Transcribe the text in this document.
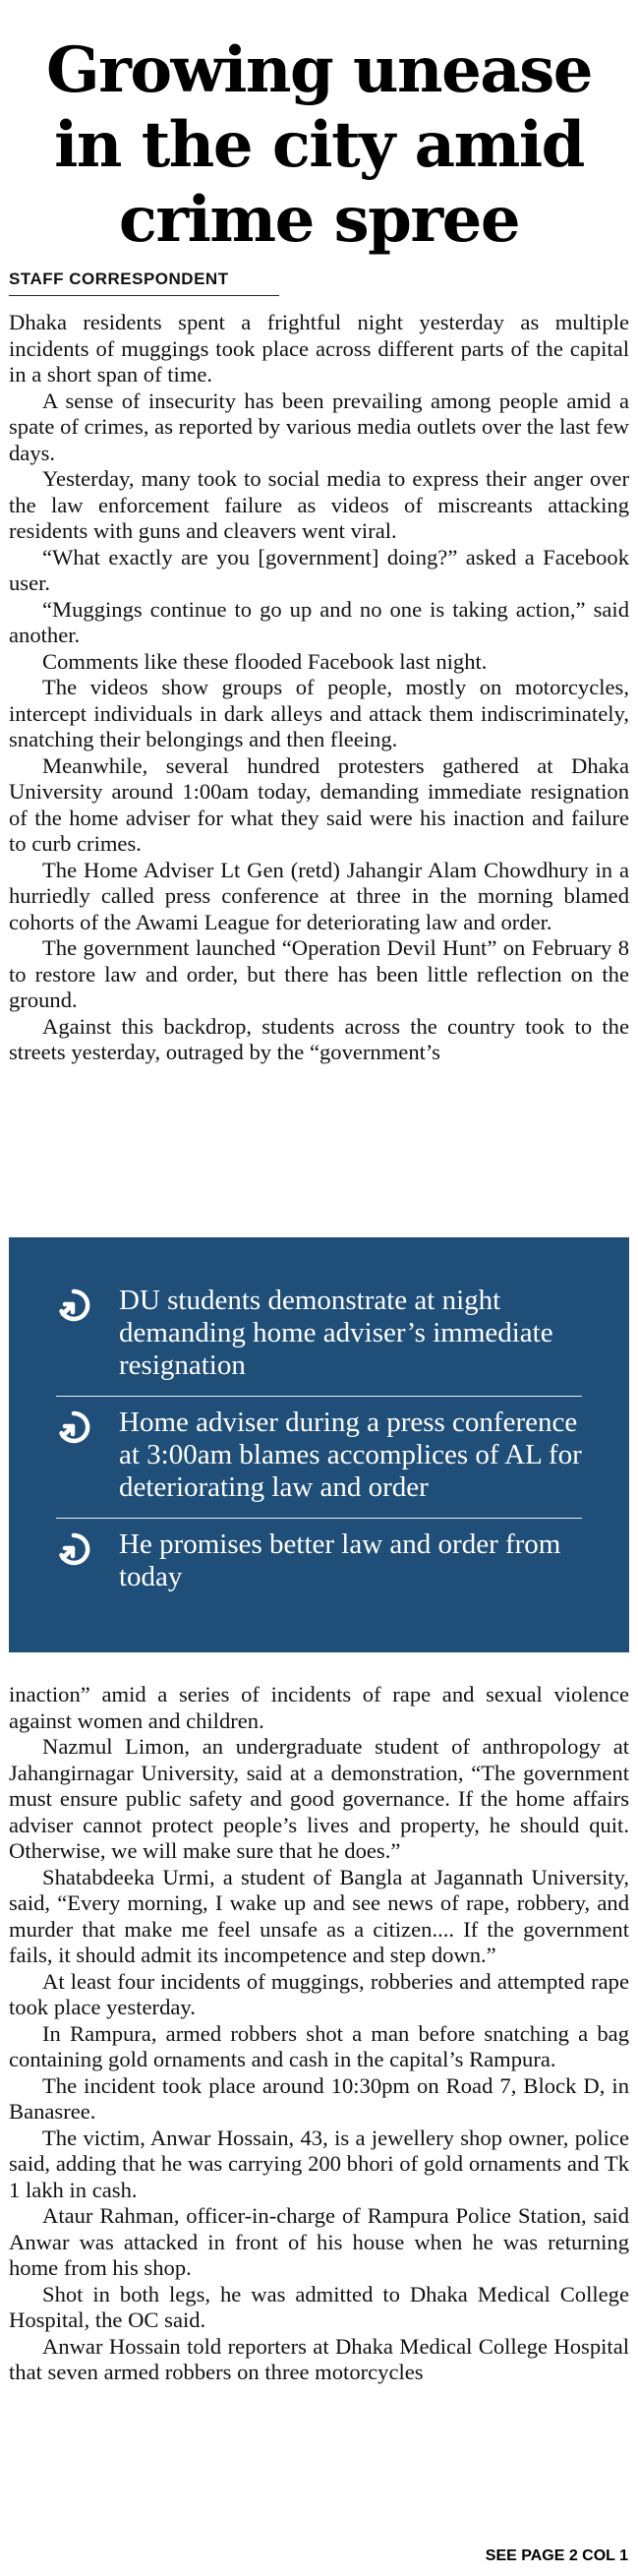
Growing unease in the city amid crime spree
STAFF CORRESPONDENT

Dhaka residents spent a frightful night yesterday as multiple incidents of muggings took place across different parts of the capital in a short span of time.

A sense of insecurity has been prevailing among people amid a spate of crimes, as reported by various media outlets over the last few days.

Yesterday, many took to social media to express their anger over the law enforcement failure as videos of miscreants attacking residents with guns and cleavers went viral.

“What exactly are you [government] doing?” asked a Facebook user.

“Muggings continue to go up and no one is taking action,” said another.

Comments like these flooded Facebook last night.

The videos show groups of people, mostly on motorcycles, intercept individuals in dark alleys and attack them indiscriminately, snatching their belongings and then fleeing.

Meanwhile, several hundred protesters gathered at Dhaka University around 1:00am today, demanding immediate resignation of the home adviser for what they said were his inaction and failure to curb crimes.

The Home Adviser Lt Gen (retd) Jahangir Alam Chowdhury in a hurriedly called press conference at three in the morning blamed cohorts of the Awami League for deteriorating law and order.

The government launched “Operation Devil Hunt” on February 8 to restore law and order, but there has been little reflection on the ground.

Against this backdrop, students across the country took to the streets yesterday, outraged by the “government’s

DU students demonstrate at night demanding home adviser’s immediate resignation
Home adviser during a press conference at 3:00am blames accomplices of AL for deteriorating law and order
He promises better law and order from today

inaction” amid a series of incidents of rape and sexual violence against women and children.

Nazmul Limon, an undergraduate student of anthropology at Jahangirnagar University, said at a demonstration, “The government must ensure public safety and good governance. If the home affairs adviser cannot protect people’s lives and property, he should quit. Otherwise, we will make sure that he does.”

Shatabdeeka Urmi, a student of Bangla at Jagannath University, said, “Every morning, I wake up and see news of rape, robbery, and murder that make me feel unsafe as a citizen.... If the government fails, it should admit its incompetence and step down.”

At least four incidents of muggings, robberies and attempted rape took place yesterday.

In Rampura, armed robbers shot a man before snatching a bag containing gold ornaments and cash in the capital’s Rampura.

The incident took place around 10:30pm on Road 7, Block D, in Banasree.

The victim, Anwar Hossain, 43, is a jewellery shop owner, police said, adding that he was carrying 200 bhori of gold ornaments and Tk 1 lakh in cash.

Ataur Rahman, officer-in-charge of Rampura Police Station, said Anwar was attacked in front of his house when he was returning home from his shop.

Shot in both legs, he was admitted to Dhaka Medical College Hospital, the OC said.

Anwar Hossain told reporters at Dhaka Medical College Hospital that seven armed robbers on three motorcycles

SEE PAGE 2 COL 1
